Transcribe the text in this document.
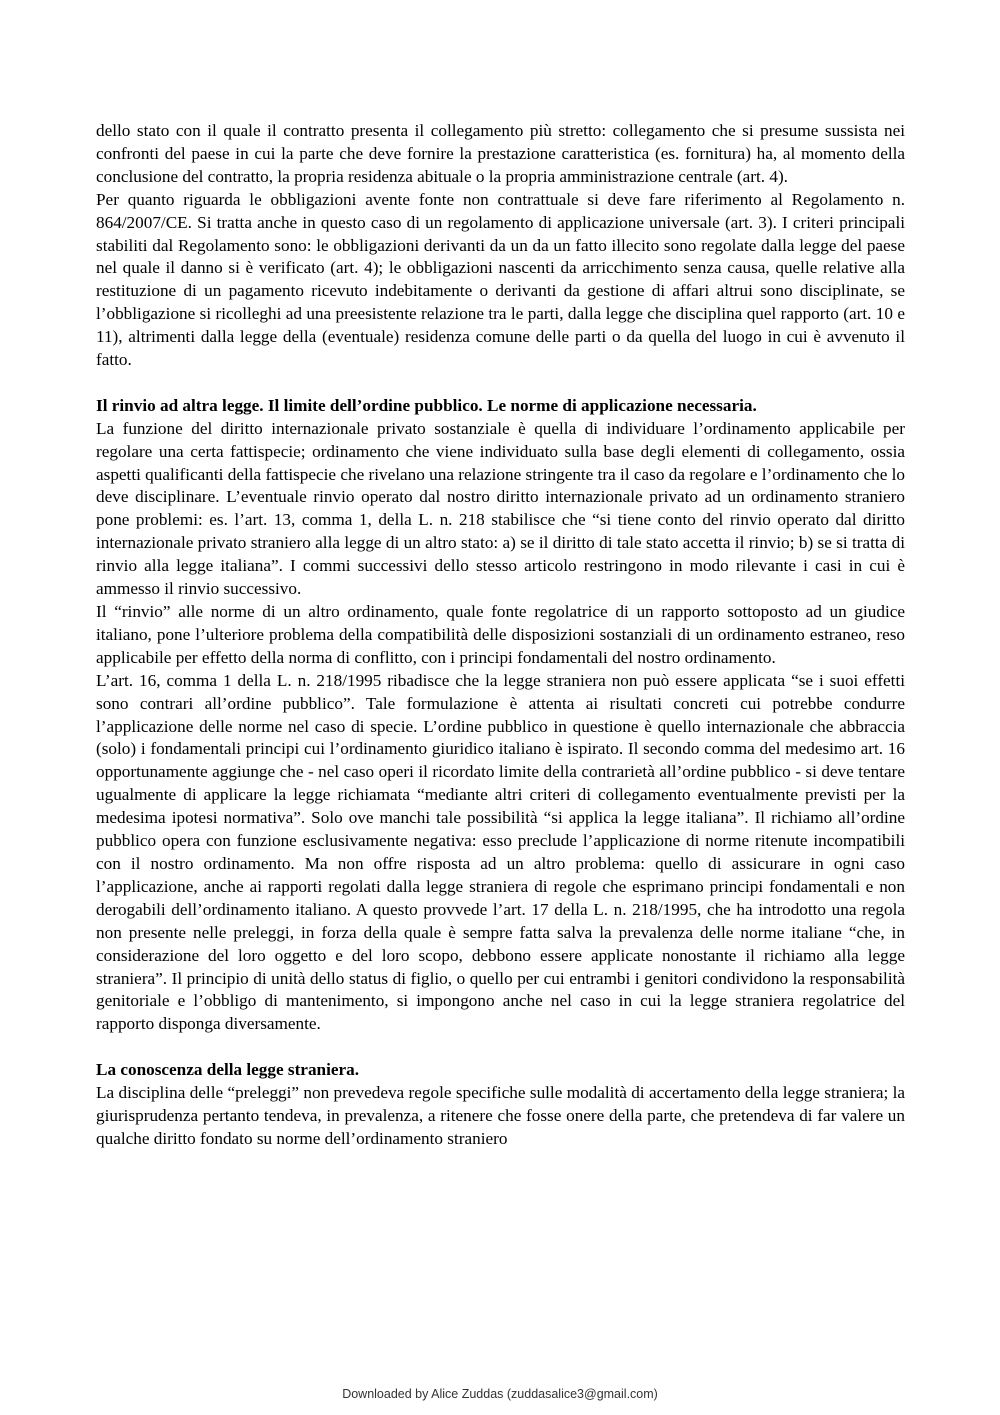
dello stato con il quale il contratto presenta il collegamento più stretto: collegamento che si presume sussista nei confronti del paese in cui la parte che deve fornire la prestazione caratteristica (es. fornitura) ha, al momento della conclusione del contratto, la propria residenza abituale o la propria amministrazione centrale (art. 4).

Per quanto riguarda le obbligazioni avente fonte non contrattuale si deve fare riferimento al Regolamento n. 864/2007/CE. Si tratta anche in questo caso di un regolamento di applicazione universale (art. 3). I criteri principali stabiliti dal Regolamento sono: le obbligazioni derivanti da un da un fatto illecito sono regolate dalla legge del paese nel quale il danno si è verificato (art. 4); le obbligazioni nascenti da arricchimento senza causa, quelle relative alla restituzione di un pagamento ricevuto indebitamente o derivanti da gestione di affari altrui sono disciplinate, se l’obbligazione si ricolleghi ad una preesistente relazione tra le parti, dalla legge che disciplina quel rapporto (art. 10 e 11), altrimenti dalla legge della (eventuale) residenza comune delle parti o da quella del luogo in cui è avvenuto il fatto.

Il rinvio ad altra legge. Il limite dell’ordine pubblico. Le norme di applicazione necessaria.

La funzione del diritto internazionale privato sostanziale è quella di individuare l’ordinamento applicabile per regolare una certa fattispecie; ordinamento che viene individuato sulla base degli elementi di collegamento, ossia aspetti qualificanti della fattispecie che rivelano una relazione stringente tra il caso da regolare e l’ordinamento che lo deve disciplinare. L’eventuale rinvio operato dal nostro diritto internazionale privato ad un ordinamento straniero pone problemi: es. l’art. 13, comma 1, della L. n. 218 stabilisce che “si tiene conto del rinvio operato dal diritto internazionale privato straniero alla legge di un altro stato: a) se il diritto di tale stato accetta il rinvio; b) se si tratta di rinvio alla legge italiana”. I commi successivi dello stesso articolo restringono in modo rilevante i casi in cui è ammesso il rinvio successivo.

Il “rinvio” alle norme di un altro ordinamento, quale fonte regolatrice di un rapporto sottoposto ad un giudice italiano, pone l’ulteriore problema della compatibilità delle disposizioni sostanziali di un ordinamento estraneo, reso applicabile per effetto della norma di conflitto, con i principi fondamentali del nostro ordinamento.

L’art. 16, comma 1 della L. n. 218/1995 ribadisce che la legge straniera non può essere applicata “se i suoi effetti sono contrari all’ordine pubblico”. Tale formulazione è attenta ai risultati concreti cui potrebbe condurre l’applicazione delle norme nel caso di specie. L’ordine pubblico in questione è quello internazionale che abbraccia (solo) i fondamentali principi cui l’ordinamento giuridico italiano è ispirato. Il secondo comma del medesimo art. 16 opportunamente aggiunge che - nel caso operi il ricordato limite della contrarietà all’ordine pubblico - si deve tentare ugualmente di applicare la legge richiamata “mediante altri criteri di collegamento eventualmente previsti per la medesima ipotesi normativa”. Solo ove manchi tale possibilità “si applica la legge italiana”. Il richiamo all’ordine pubblico opera con funzione esclusivamente negativa: esso preclude l’applicazione di norme ritenute incompatibili con il nostro ordinamento. Ma non offre risposta ad un altro problema: quello di assicurare in ogni caso l’applicazione, anche ai rapporti regolati dalla legge straniera di regole che esprimano principi fondamentali e non derogabili dell’ordinamento italiano. A questo provvede l’art. 17 della L. n. 218/1995, che ha introdotto una regola non presente nelle preleggi, in forza della quale è sempre fatta salva la prevalenza delle norme italiane “che, in considerazione del loro oggetto e del loro scopo, debbono essere applicate nonostante il richiamo alla legge straniera”. Il principio di unità dello status di figlio, o quello per cui entrambi i genitori condividono la responsabilità genitoriale e l’obbligo di mantenimento, si impongono anche nel caso in cui la legge straniera regolatrice del rapporto disponga diversamente.

La conoscenza della legge straniera.

La disciplina delle “preleggi” non prevedeva regole specifiche sulle modalità di accertamento della legge straniera; la giurisprudenza pertanto tendeva, in prevalenza, a ritenere che fosse onere della parte, che pretendeva di far valere un qualche diritto fondato su norme dell’ordinamento straniero

Downloaded by Alice Zuddas (zuddasalice3@gmail.com)
